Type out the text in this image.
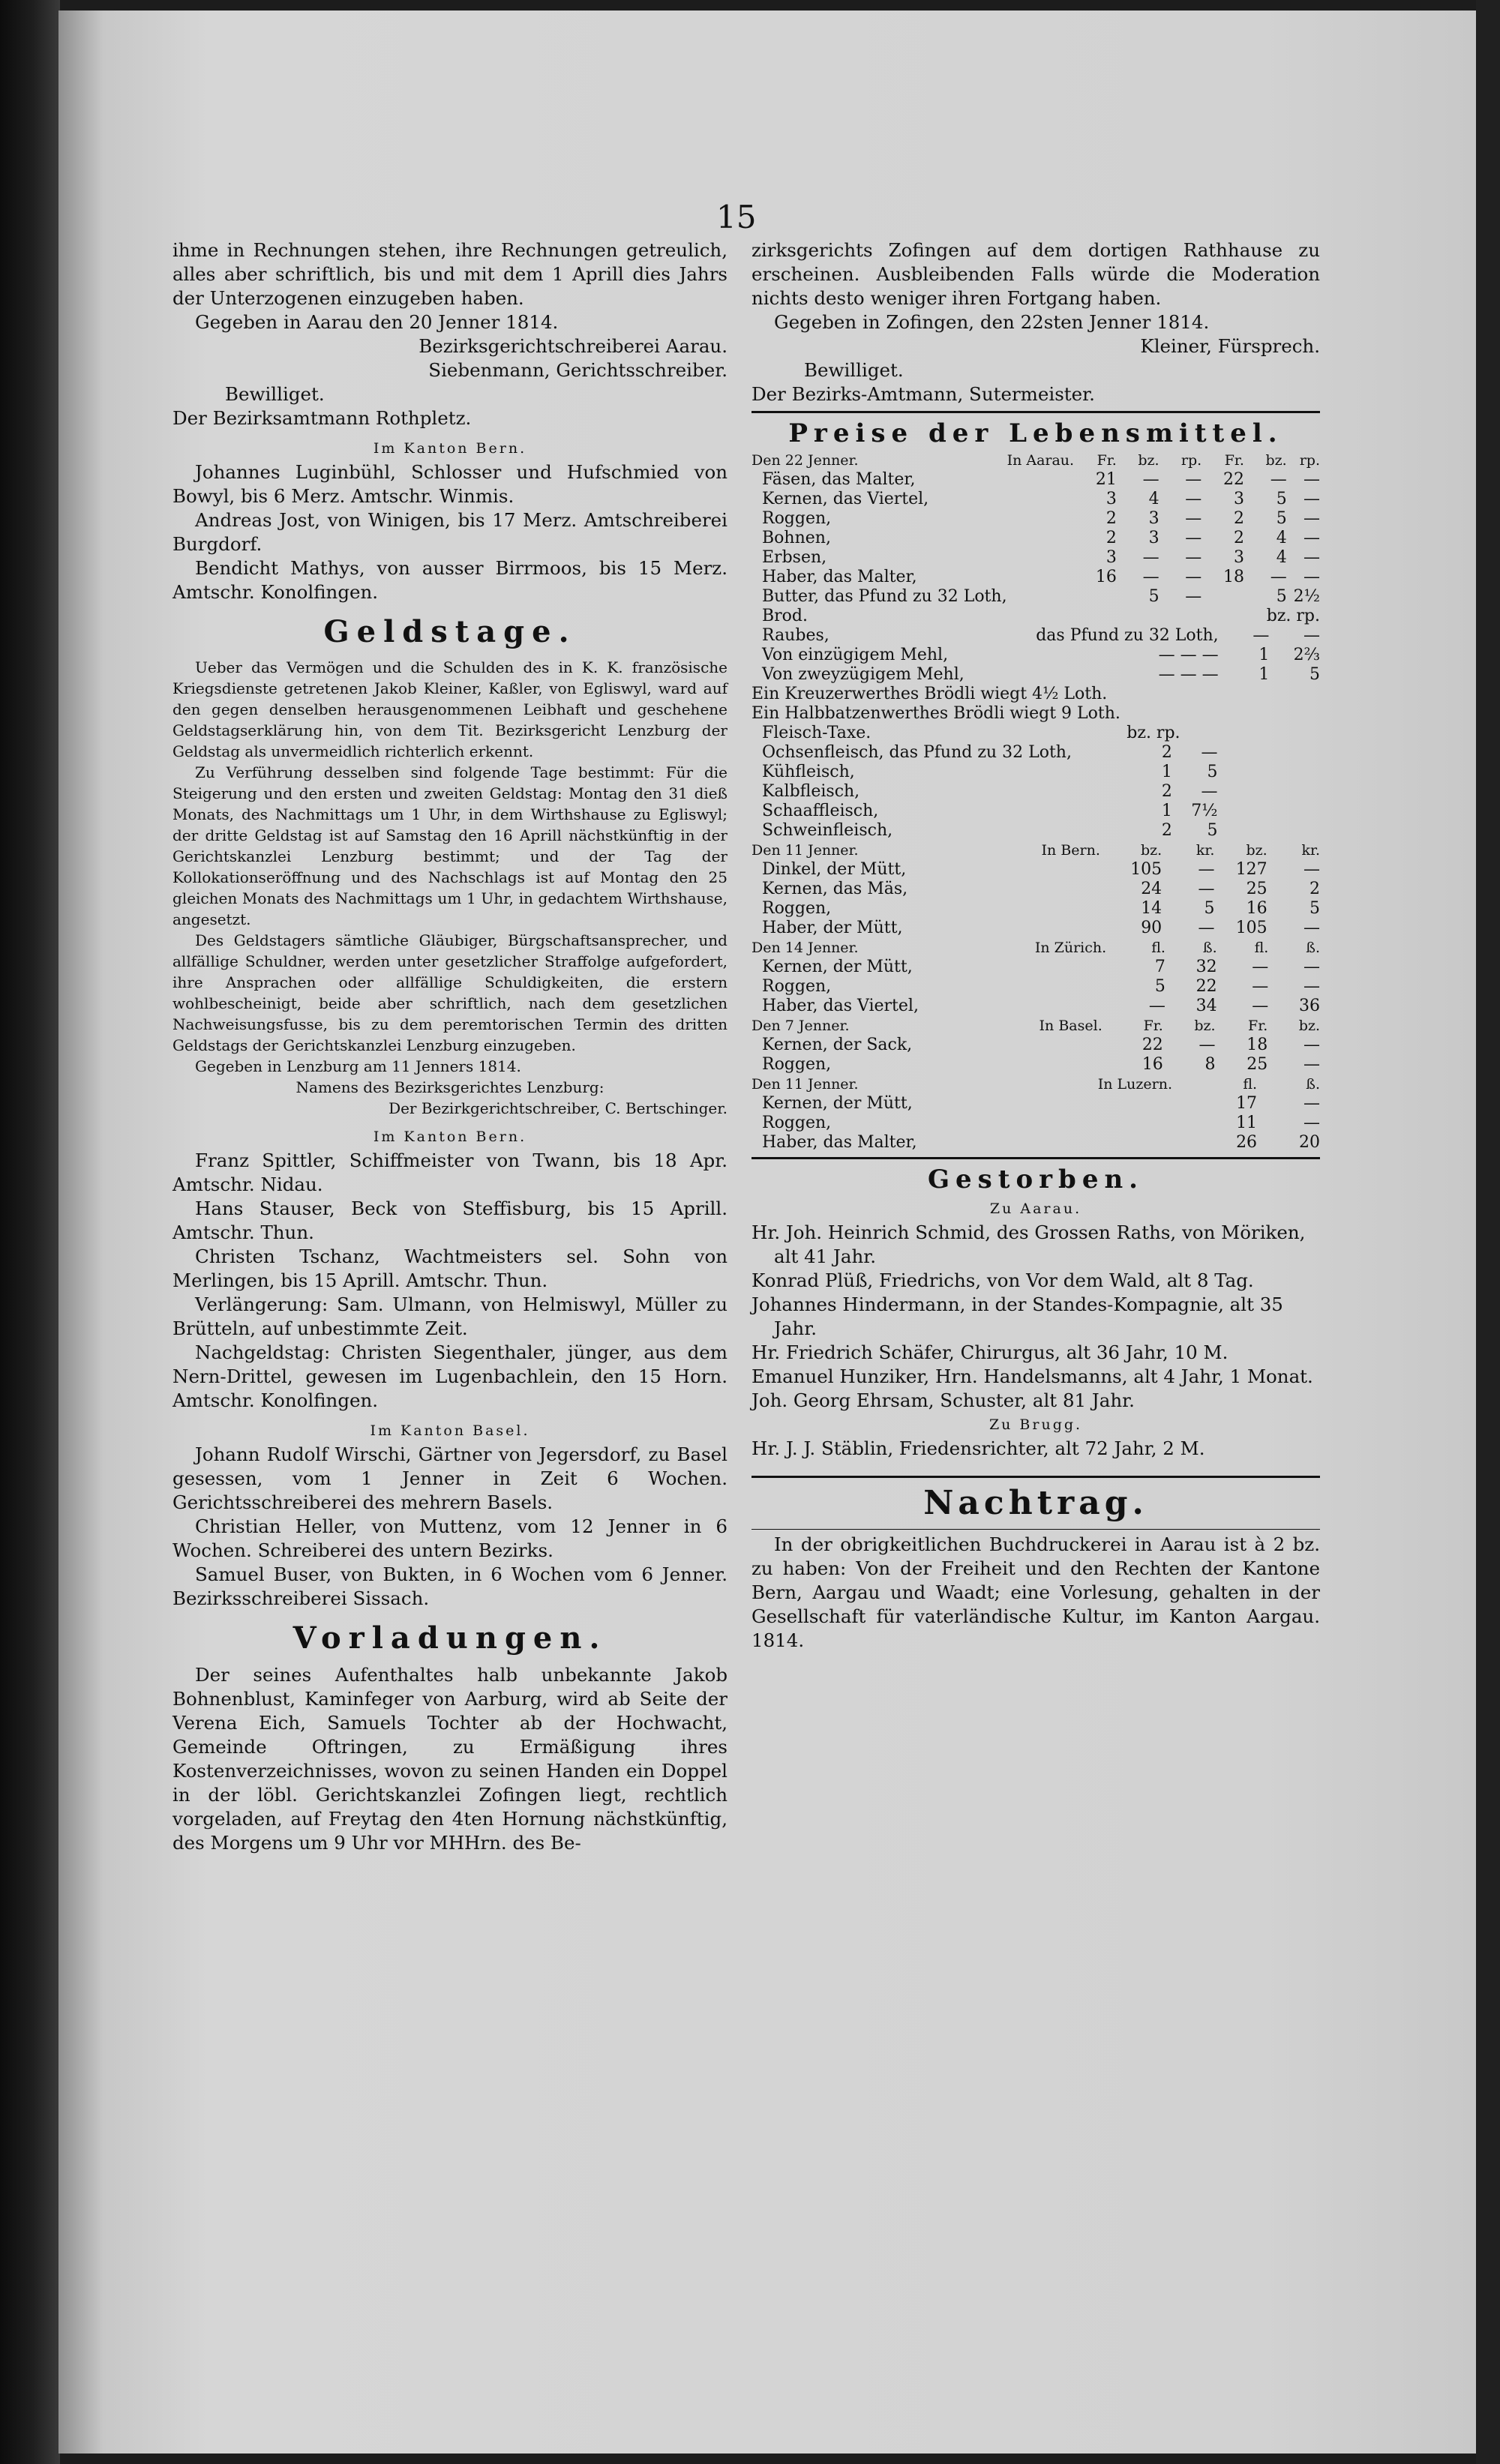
15

ihme in Rechnungen stehen, ihre Rechnungen getreulich, alles aber schriftlich, bis und mit dem 1 Aprill dies Jahrs der Unterzogenen einzugeben haben.

Gegeben in Aarau den 20 Jenner 1814.

Bezirksgerichtschreiberei Aarau.

Siebenmann, Gerichtsschreiber.

Bewilliget.

Der Bezirksamtmann Rothpletz.

Im Kanton Bern.

Johannes Luginbühl, Schlosser und Hufschmied von Bowyl, bis 6 Merz. Amtschr. Winmis.

Andreas Jost, von Winigen, bis 17 Merz. Amtschreiberei Burgdorf.

Bendicht Mathys, von ausser Birrmoos, bis 15 Merz. Amtschr. Konolfingen.

Geldstage.

Ueber das Vermögen und die Schulden des in K. K. französische Kriegsdienste getretenen Jakob Kleiner, Kaßler, von Egliswyl, ward auf den gegen denselben herausgenommenen Leibhaft und geschehene Geldstagserklärung hin, von dem Tit. Bezirksgericht Lenzburg der Geldstag als unvermeidlich richterlich erkennt.

Zu Verführung desselben sind folgende Tage bestimmt: Für die Steigerung und den ersten und zweiten Geldstag: Montag den 31 dieß Monats, des Nachmittags um 1 Uhr, in dem Wirthshause zu Egliswyl; der dritte Geldstag ist auf Samstag den 16 Aprill nächstkünftig in der Gerichtskanzlei Lenzburg bestimmt; und der Tag der Kollokationseröffnung und des Nachschlags ist auf Montag den 25 gleichen Monats des Nachmittags um 1 Uhr, in gedachtem Wirthshause, angesetzt.

Des Geldstagers sämtliche Gläubiger, Bürgschaftsansprecher, und allfällige Schuldner, werden unter gesetzlicher Straffolge aufgefordert, ihre Ansprachen oder allfällige Schuldigkeiten, die erstern wohlbescheinigt, beide aber schriftlich, nach dem gesetzlichen Nachweisungsfusse, bis zu dem peremtorischen Termin des dritten Geldstags der Gerichtskanzlei Lenzburg einzugeben.

Gegeben in Lenzburg am 11 Jenners 1814.

Namens des Bezirksgerichtes Lenzburg:

Der Bezirkgerichtschreiber, C. Bertschinger.

Im Kanton Bern.

Franz Spittler, Schiffmeister von Twann, bis 18 Apr. Amtschr. Nidau.

Hans Stauser, Beck von Steffisburg, bis 15 Aprill. Amtschr. Thun.

Christen Tschanz, Wachtmeisters sel. Sohn von Merlingen, bis 15 Aprill. Amtschr. Thun.

Verlängerung: Sam. Ulmann, von Helmiswyl, Müller zu Brütteln, auf unbestimmte Zeit.

Nachgeldstag: Christen Siegenthaler, jünger, aus dem Nern-Drittel, gewesen im Lugenbachlein, den 15 Horn. Amtschr. Konolfingen.

Im Kanton Basel.

Johann Rudolf Wirschi, Gärtner von Jegersdorf, zu Basel gesessen, vom 1 Jenner in Zeit 6 Wochen. Gerichtsschreiberei des mehrern Basels.

Christian Heller, von Muttenz, vom 12 Jenner in 6 Wochen. Schreiberei des untern Bezirks.

Samuel Buser, von Bukten, in 6 Wochen vom 6 Jenner. Bezirksschreiberei Sissach.

Vorladungen.

Der seines Aufenthaltes halb unbekannte Jakob Bohnenblust, Kaminfeger von Aarburg, wird ab Seite der Verena Eich, Samuels Tochter ab der Hochwacht, Gemeinde Oftringen, zu Ermäßigung ihres Kostenverzeichnisses, wovon zu seinen Handen ein Doppel in der löbl. Gerichtskanzlei Zofingen liegt, rechtlich vorgeladen, auf Freytag den 4ten Hornung nächstkünftig, des Morgens um 9 Uhr vor MHHrn. des Be-

zirksgerichts Zofingen auf dem dortigen Rathhause zu erscheinen. Ausbleibenden Falls würde die Moderation nichts desto weniger ihren Fortgang haben.

Gegeben in Zofingen, den 22sten Jenner 1814.

Kleiner, Fürsprech.

Bewilliget.

Der Bezirks-Amtmann, Sutermeister.

Preise der Lebensmittel.
Den 22 Jenner.	In Aarau.	Fr.	bz.	rp.	Fr.	bz.	rp.
Fäsen, das Malter,		21	—	—	22	—	—
Kernen, das Viertel,		3	4	—	3	5	—
Roggen,		2	3	—	2	5	—
Bohnen,		2	3	—	2	4	—
Erbsen,		3	—	—	3	4	—
Haber, das Malter,		16	—	—	18	—	—
Butter, das Pfund zu 32 Loth,			5	—		5	2½
Brod.		bz. rp.	
Raubes,	das Pfund zu 32 Loth,	—	—
Von einzügigem Mehl,	— — —	1	2⅔
Von zweyzügigem Mehl,	— — —	1	5

Ein Kreuzerwerthes Brödli wiegt 4½ Loth.

Ein Halbbatzenwerthes Brödli wiegt 9 Loth.

Fleisch-Taxe.	bz. rp.		
Ochsenfleisch, das Pfund zu 32 Loth,	2	—	
Kühfleisch,	1	5	
Kalbfleisch,	2	—	
Schaaffleisch,	1	7½	
Schweinfleisch,	2	5	
Den 11 Jenner.	In Bern.	bz.	kr.	bz.	kr.
Dinkel, der Mütt,		105	—	127	—
Kernen, das Mäs,		24	—	25	2
Roggen,		14	5	16	5
Haber, der Mütt,		90	—	105	—
Den 14 Jenner.	In Zürich.	fl.	ß.	fl.	ß.
Kernen, der Mütt,		7	32	—	—
Roggen,		5	22	—	—
Haber, das Viertel,		—	34	—	36
Den 7 Jenner.	In Basel.	Fr.	bz.	Fr.	bz.
Kernen, der Sack,		22	—	18	—
Roggen,		16	8	25	—
Den 11 Jenner.	In Luzern.	fl.	ß.
Kernen, der Mütt,		17	—
Roggen,		11	—
Haber, das Malter,		26	20
Gestorben.

Zu Aarau.

Hr. Joh. Heinrich Schmid, des Grossen Raths, von Möriken, alt 41 Jahr.

Konrad Plüß, Friedrichs, von Vor dem Wald, alt 8 Tag.

Johannes Hindermann, in der Standes-Kompagnie, alt 35 Jahr.

Hr. Friedrich Schäfer, Chirurgus, alt 36 Jahr, 10 M.

Emanuel Hunziker, Hrn. Handelsmanns, alt 4 Jahr, 1 Monat.

Joh. Georg Ehrsam, Schuster, alt 81 Jahr.

Zu Brugg.

Hr. J. J. Stäblin, Friedensrichter, alt 72 Jahr, 2 M.

Nachtrag.

In der obrigkeitlichen Buchdruckerei in Aarau ist à 2 bz. zu haben: Von der Freiheit und den Rechten der Kantone Bern, Aargau und Waadt; eine Vorlesung, gehalten in der Gesellschaft für vaterländische Kultur, im Kanton Aargau. 1814.
